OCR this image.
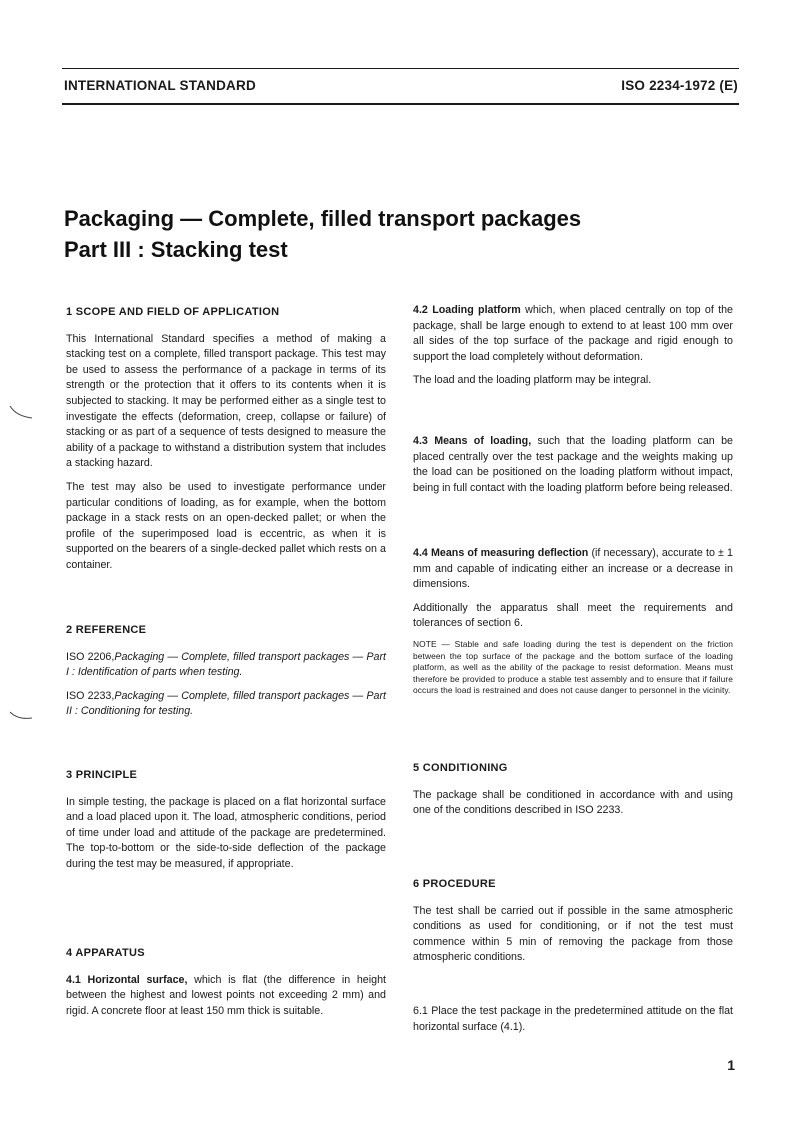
INTERNATIONAL STANDARD	ISO 2234-1972 (E)
Packaging — Complete, filled transport packages
Part III : Stacking test
1 SCOPE AND FIELD OF APPLICATION

This International Standard specifies a method of making a stacking test on a complete, filled transport package. This test may be used to assess the performance of a package in terms of its strength or the protection that it offers to its contents when it is subjected to stacking. It may be performed either as a single test to investigate the effects (deformation, creep, collapse or failure) of stacking or as part of a sequence of tests designed to measure the ability of a package to withstand a distribution system that includes a stacking hazard.

The test may also be used to investigate performance under particular conditions of loading, as for example, when the bottom package in a stack rests on an open-decked pallet; or when the profile of the superimposed load is eccentric, as when it is supported on the bearers of a single-decked pallet which rests on a container.

2 REFERENCE

ISO 2206,Packaging — Complete, filled transport packages — Part I : Identification of parts when testing.

ISO 2233,Packaging — Complete, filled transport packages — Part II : Conditioning for testing.

3 PRINCIPLE

In simple testing, the package is placed on a flat horizontal surface and a load placed upon it. The load, atmospheric conditions, period of time under load and attitude of the package are predetermined. The top-to-bottom or the side-to-side deflection of the package during the test may be measured, if appropriate.

4 APPARATUS

4.1 Horizontal surface, which is flat (the difference in height between the highest and lowest points not exceeding 2 mm) and rigid. A concrete floor at least 150 mm thick is suitable.

4.2 Loading platform which, when placed centrally on top of the package, shall be large enough to extend to at least 100 mm over all sides of the top surface of the package and rigid enough to support the load completely without deformation.

The load and the loading platform may be integral.

4.3 Means of loading, such that the loading platform can be placed centrally over the test package and the weights making up the load can be positioned on the loading platform without impact, being in full contact with the loading platform before being released.

4.4 Means of measuring deflection (if necessary), accurate to ± 1 mm and capable of indicating either an increase or a decrease in dimensions.

Additionally the apparatus shall meet the requirements and tolerances of section 6.

NOTE — Stable and safe loading during the test is dependent on the friction between the top surface of the package and the bottom surface of the loading platform, as well as the ability of the package to resist deformation. Means must therefore be provided to produce a stable test assembly and to ensure that if failure occurs the load is restrained and does not cause danger to personnel in the vicinity.

5 CONDITIONING

The package shall be conditioned in accordance with and using one of the conditions described in ISO 2233.

6 PROCEDURE

The test shall be carried out if possible in the same atmospheric conditions as used for conditioning, or if not the test must commence within 5 min of removing the package from those atmospheric conditions.

6.1 Place the test package in the predetermined attitude on the flat horizontal surface (4.1).

1
